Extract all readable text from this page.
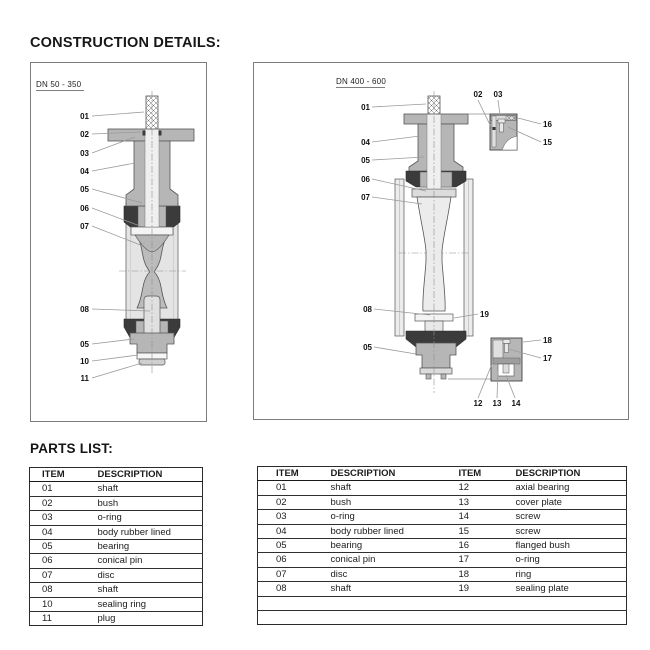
CONSTRUCTION DETAILS:
PARTS LIST:
DN 50 - 350
01
02
03
04
05
06
07
08
05
10
11
DN 400 - 600
01
04
05
06
07
08
19
05
02 03
16
15
18
17
12 13 14
ITEM	DESCRIPTION
01	shaft
02	bush
03	o-ring
04	body rubber lined
05	bearing
06	conical pin
07	disc
08	shaft
10	sealing ring
11	plug
ITEM	DESCRIPTION	ITEM	DESCRIPTION
01	shaft	12	axial bearing
02	bush	13	cover plate
03	o-ring	14	screw
04	body rubber lined	15	screw
05	bearing	16	flanged bush
06	conical pin	17	o-ring
07	disc	18	ring
08	shaft	19	sealing plate
